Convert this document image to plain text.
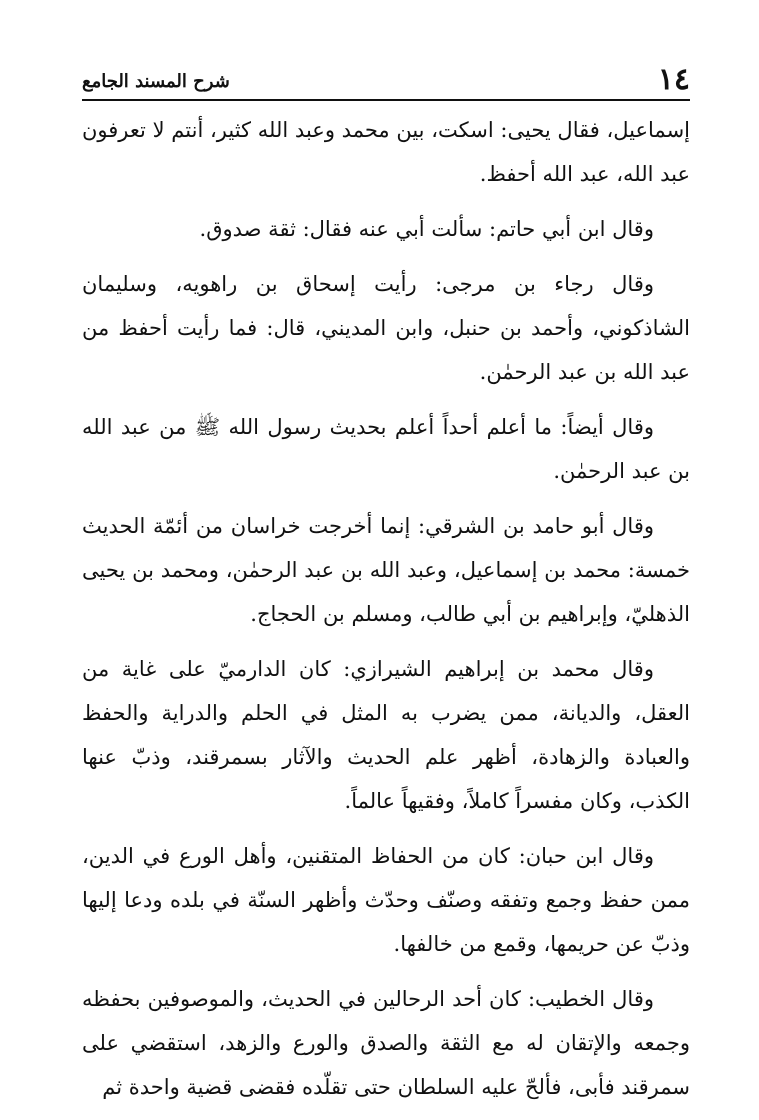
١٤
شرح المسند الجامع

إسماعيل، فقال يحيى: اسكت، بين محمد وعبد الله كثير، أنتم لا تعرفون عبد الله، عبد الله أحفظ.

وقال ابن أبي حاتم: سألت أبي عنه فقال: ثقة صدوق.

وقال رجاء بن مرجى: رأيت إسحاق بن راهويه، وسليمان الشاذكوني، وأحمد بن حنبل، وابن المديني، قال: فما رأيت أحفظ من عبد الله بن عبد الرحمٰن.

وقال أيضاً: ما أعلم أحداً أعلم بحديث رسول الله ﷺ من عبد الله بن عبد الرحمٰن.

وقال أبو حامد بن الشرقي: إنما أخرجت خراسان من أئمّة الحديث خمسة: محمد بن إسماعيل، وعبد الله بن عبد الرحمٰن، ومحمد بن يحيى الذهليّ، وإبراهيم بن أبي طالب، ومسلم بن الحجاج.

وقال محمد بن إبراهيم الشيرازي: كان الدارميّ على غاية من العقل، والديانة، ممن يضرب به المثل في الحلم والدراية والحفظ والعبادة والزهادة، أظهر علم الحديث والآثار بسمرقند، وذبّ عنها الكذب، وكان مفسراً كاملاً، وفقيهاً عالماً.

وقال ابن حبان: كان من الحفاظ المتقنين، وأهل الورع في الدين، ممن حفظ وجمع وتفقه وصنّف وحدّث وأظهر السنّة في بلده ودعا إليها وذبّ عن حريمها، وقمع من خالفها.

وقال الخطيب: كان أحد الرحالين في الحديث، والموصوفين بحفظه وجمعه والإتقان له مع الثقة والصدق والورع والزهد، استقضي على سمرقند فأبى، فألحّ عليه السلطان حتى تقلّده فقضى قضية واحدة ثم
